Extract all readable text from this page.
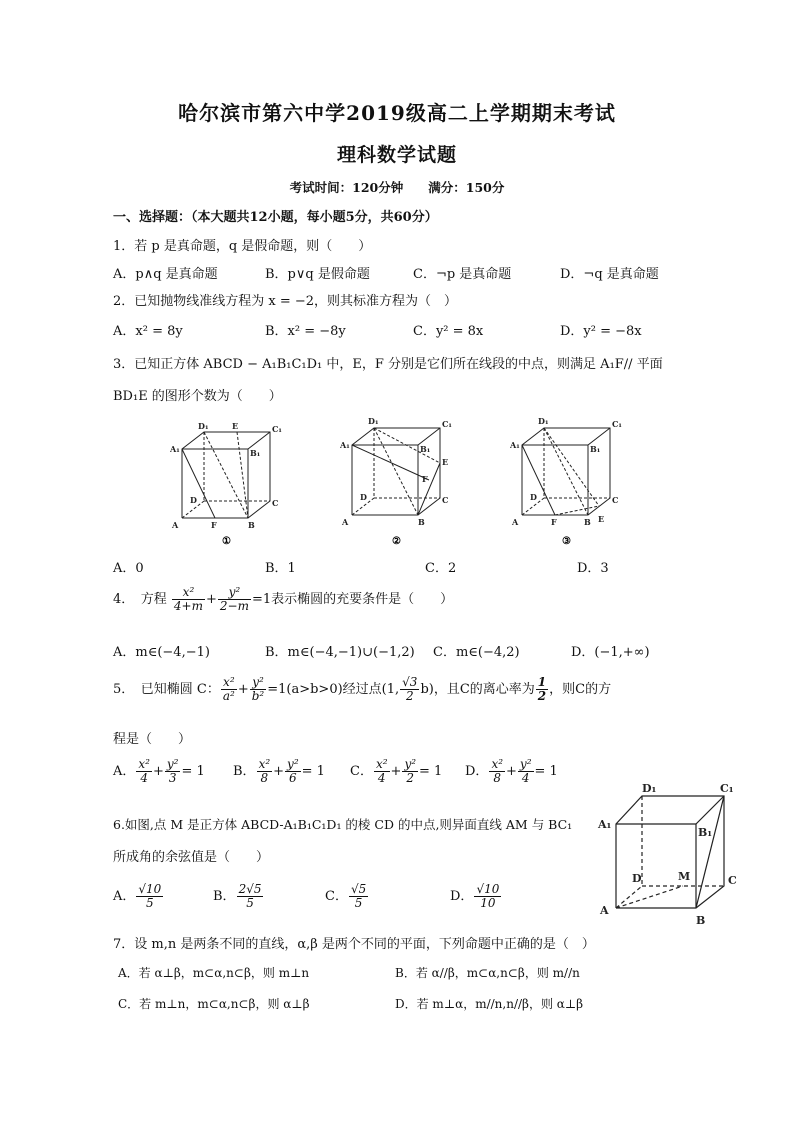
哈尔滨市第六中学2019级高二上学期期末考试
理科数学试题
考试时间：120分钟　　满分：150分
一、选择题：（本大题共12小题，每小题5分，共60分）
1．若 p 是真命题，q 是假命题，则（　　）
A．p∧q 是真命题	B．p∨q 是假命题	C．¬p 是真命题	D．¬q 是真命题
2．已知抛物线准线方程为 x = −2，则其标准方程为（　）
A．x² = 8y	B．x² = −8y	C．y² = 8x	D．y² = −8x
3．已知正方体 ABCD − A₁B₁C₁D₁ 中，E，F 分别是它们所在线段的中点，则满足 A₁F// 平面
BD₁E 的图形个数为（　　）
A	B
C
D
A₁	B₁
C₁
D₁	E
F
①
A	B
C
D
A₁	B₁
C₁
D₁
E
F
②
A	B
C
D
A₁	B₁
C₁
D₁
E
F
③
A．0	B．1	C．2	D．3
4．　方程 $\frac{\text{x²}}{4+m} + \frac{\text{y²}}{2-m} =1$表示椭圆的充要条件是（　　）
A．m∈(−4,−1)	B．m∈(−4,−1)∪(−1,2) C．m∈(−4,2)	D．(−1,+∞)
5．　已知椭圆 C： $\frac{\text{x²}}{\text{a²}} + \frac{\text{y²}}{\text{b²}} =1(a>b>0)$经过点(1, $\frac{√3}{2} b$)，且C的离心率为 $\frac{1}{2}$ ，则C的方
程是（　　）
A． $\frac{\text{x²}}{4} + \frac{\text{y²}}{3} = 1$ B． $\frac{\text{x²}}{8} + \frac{\text{y²}}{6} = 1$ C． $\frac{\text{x²}}{4} + \frac{\text{y²}}{2} = 1$ D． $\frac{\text{x²}}{8} + \frac{\text{y²}}{4} = 1$
6.如图,点 M 是正方体 ABCD-A₁B₁C₁D₁ 的棱 CD 的中点,则异面直线 AM 与 BC₁
所成角的余弦值是（　　）
A
B
C
D
A₁
B₁
C₁
D₁
M
A． $\frac{√10}{5}$	B． $\frac{2√5}{5}$	C． $\frac{√5}{5}$	D． $\frac{√10}{10}$
7．设 m,n 是两条不同的直线，α,β 是两个不同的平面，下列命题中正确的是（　）
A．若 α⊥β，m⊂α,n⊂β，则 m⊥n	B．若 α//β，m⊂α,n⊂β，则 m//n
C．若 m⊥n，m⊂α,n⊂β，则 α⊥β	D．若 m⊥α，m//n,n//β，则 α⊥β
